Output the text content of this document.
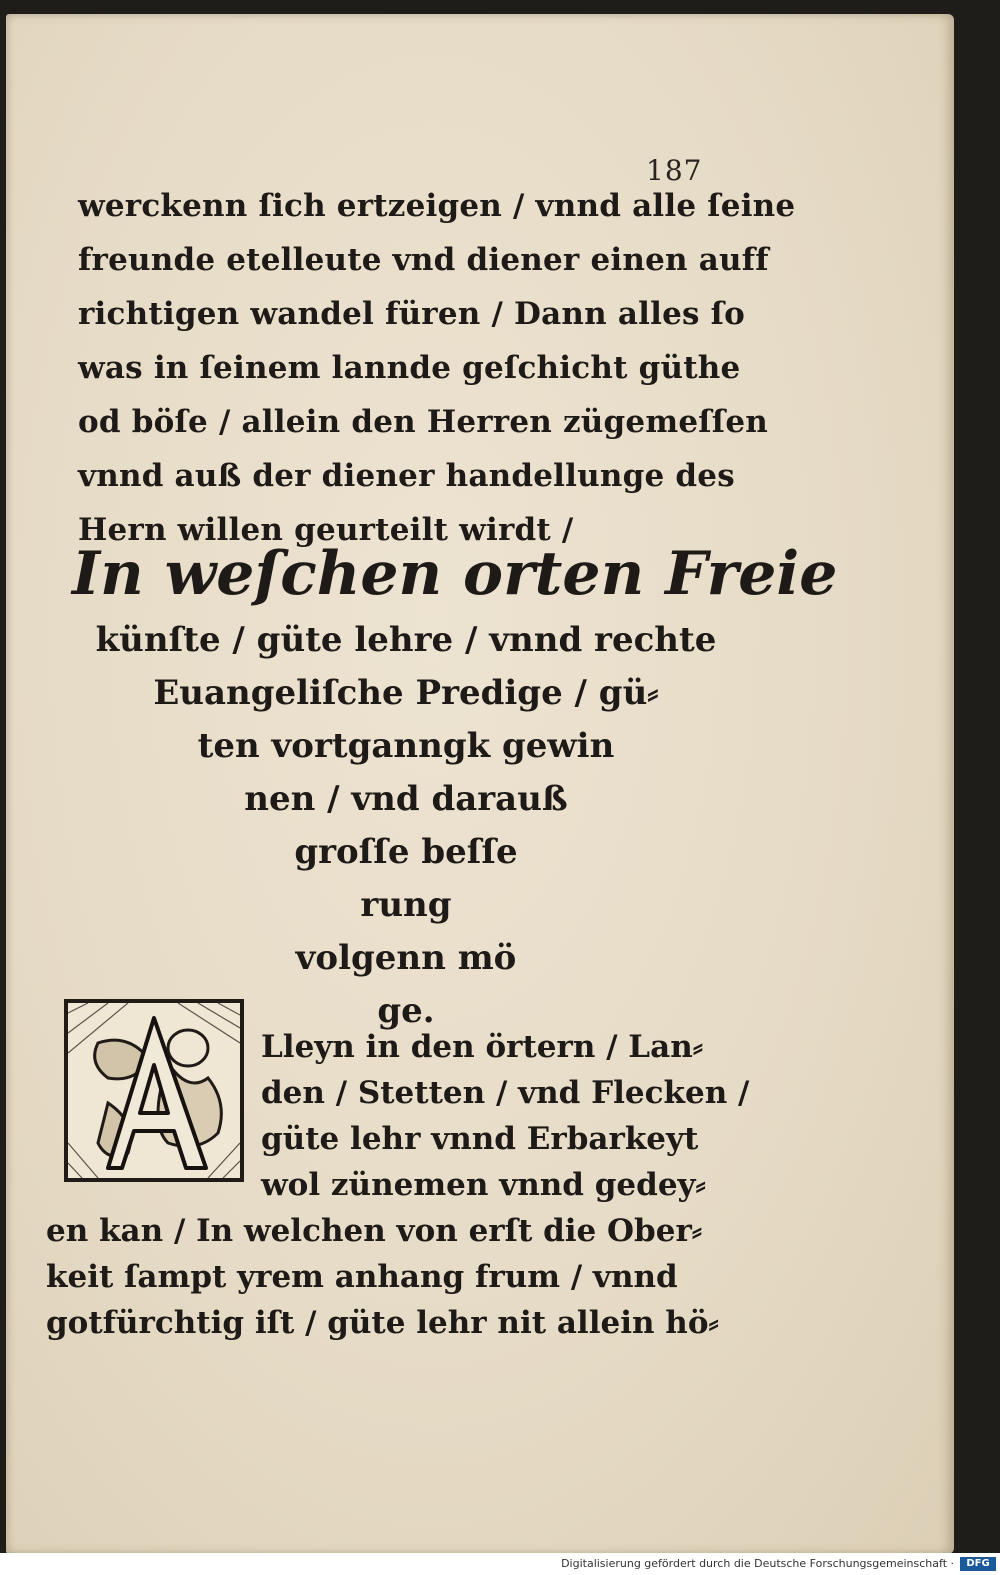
187
werckenn ſich ertzeigen / vnnd alle ſeine
freunde etelleute vnd diener einen auff
richtigen wandel füren / Dann alles ſo
was in ſeinem lannde geſchicht güthe
od böſe / allein den Herren zügemeſſen
vnnd auß der diener handellunge des
Hern willen geurteilt wirdt /
In weſchen orten Freie
künſte / güte lehre / vnnd rechte
Euangeliſche Predige / gü⸗
ten vortganngk gewin
nen / vnd darauß
groſſe beſſe
rung
volgenn mö
ge.
Lleyn in den örtern / Lan⸗
den / Stetten / vnd Flecken /
güte lehr vnnd Erbarkeyt
wol zünemen vnnd gedey⸗
en kan / In welchen von erſt die Ober⸗
keit ſampt yrem anhang frum / vnnd
gotfürchtig iſt / güte lehr nit allein hö⸗
Digitalisierung gefördert durch die Deutsche Forschungsgemeinschaft ·	DFG
